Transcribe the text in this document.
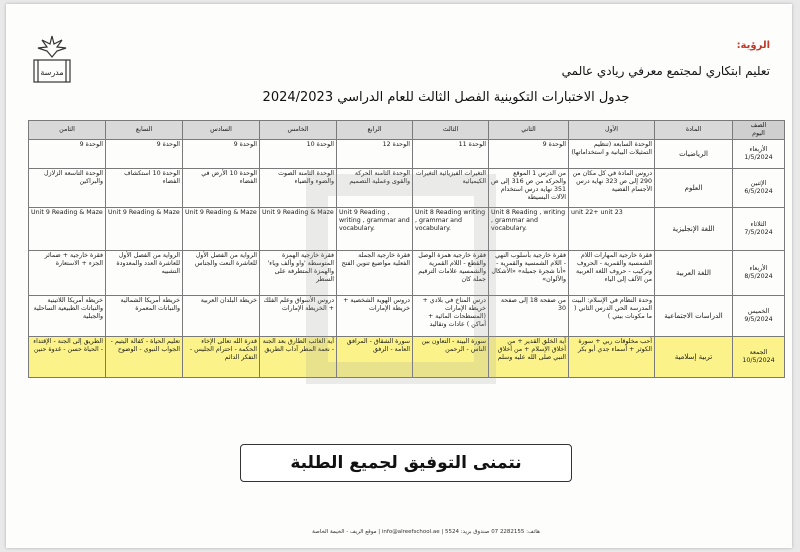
مدرسة
الرؤية:
تعليم ابتكاري لمجتمع معرفي ريادي عالمي
جدول الاختبارات التكوينية الفصل الثالث للعام الدراسي 2024/2023
الصف
اليوم	المادة	الأول	الثاني	الثالث	الرابع	الخامس	السادس	السابع	الثامن
الأربعاء
1/5/2024	الرياضيات	الوحدة السابعة (تنظيم التمثيلات البيانية و استخداماتها)	الوحدة 9	الوحدة 11	الوحدة 12	الوحدة 10	الوحدة 9	الوحدة 9	الوحدة 9
الإثنين
6/5/2024	العلوم	دروس المادة في كل مكان من 290 إلى ص 323 نهاية درس الأجسام الفضية	من الدرس 1 الموقع والحركة من ص 316 إلى ص 351 نهاية درس استخدام الآلات البسيطة	التغيرات الفيزيائية التغيرات الكيميائية	الوحدة الثامنة الحركة والقوى وعملية التصميم	الوحدة الثامنة الصوت والضوء والضياء	الوحدة 10 الأرض في الفضاء	الوحدة 10 استكشاف الفضاء	الوحدة التاسعة الزلازل والبراكين
الثلاثاء
7/5/2024	اللغة الإنجليزية	unit 22+ unit 23	Unit 8 Reading , writing , grammar and vocabulary.	Unit 8 Reading writing , grammar and vocabulary.	Unit 9 Reading , writing , grammar and vocabulary.	Unit 9 Reading & Maze	Unit 9 Reading & Maze	Unit 9 Reading & Maze	Unit 9 Reading & Maze
الأربعاء
8/5/2024	اللغة العربية	فقرة خارجية المهارات اللام الشمسية والقمرية - الحروف وتركيب - حروف اللغة العربية من الألف إلى الياء	فقرة خارجية بأسلوب النهي - اللام الشمسية والقمرية - «أنا شجرة جميلة» «الأشكال والألوان»	فقرة خارجية همزة الوصل والقطع - اللام القمرية والشمسية علامات الترقيم جملة كان	فقرة خارجية الجملة الفعلية مواضيع تنوين الفتح	فقرة خارجية الهمزة المتوسطة 'واو وألف وياء' والهمزة المتطرفة على السطر	الرواية من الفصل الأول للعاشرة النعت والجناس	الرواية من الفصل الأول للعاشرة العدد والمعدودة التشبيه	فقرة خارجية + ضمائر الجزء + الاستعارة
الخميس
9/5/2024	الدراسات الاجتماعية	وحدة النظام في الإسلام: البيت المدرسة الحي الدرس الثاني ( ما مكونات بيتي )	من صفحة 18 إلى صفحة 30	درس المناخ في بلادي + خريطة الإمارات (المسطحات المائية + أماكن ) عادات وتقاليد	دروس الهوية الشخصية + خريطة الإمارات	دروس الأسواق وعلم الفلك + الخريطة الإمارات	خريطة البلدان العربية	خريطة أمريكا الشمالية والنباتات المعمرة	خريطة أمريكا اللاتينية والنباتات الطبيعية الساحلية والجبلية
الجمعة
10/5/2024	تربية إسلامية	أحب مخلوقات ربي + سورة الكوثر + أسماء جدي أبو بكر	آية الخلق القدير + من أخلاق الإسلام + من أخلاق النبي صلى الله عليه وسلم	سورة البينة - التعاون بين الناس - الرحمن	سورة الشقاق - المرافق العامة - الرفق	آية الغائب الطارق بعد الجنة - نعمة المطر آداب الطريق	قدرة الله تعالى الإخاء الحكمة - احترام الجليس - التفكر الدائم	تعليم الحياة - كفالة اليتيم - الجواب النبوي - الوضوح	الطريق إلى الجنة - الإقتداء - الحياة حسن - غدوة حنين
نتمنى التوفيق لجميع الطلبة
هاتف: 2282155 07 صندوق بريد: 5524 | info@alreefschool.ae | موقع الريف - الخيمة الخاصة
